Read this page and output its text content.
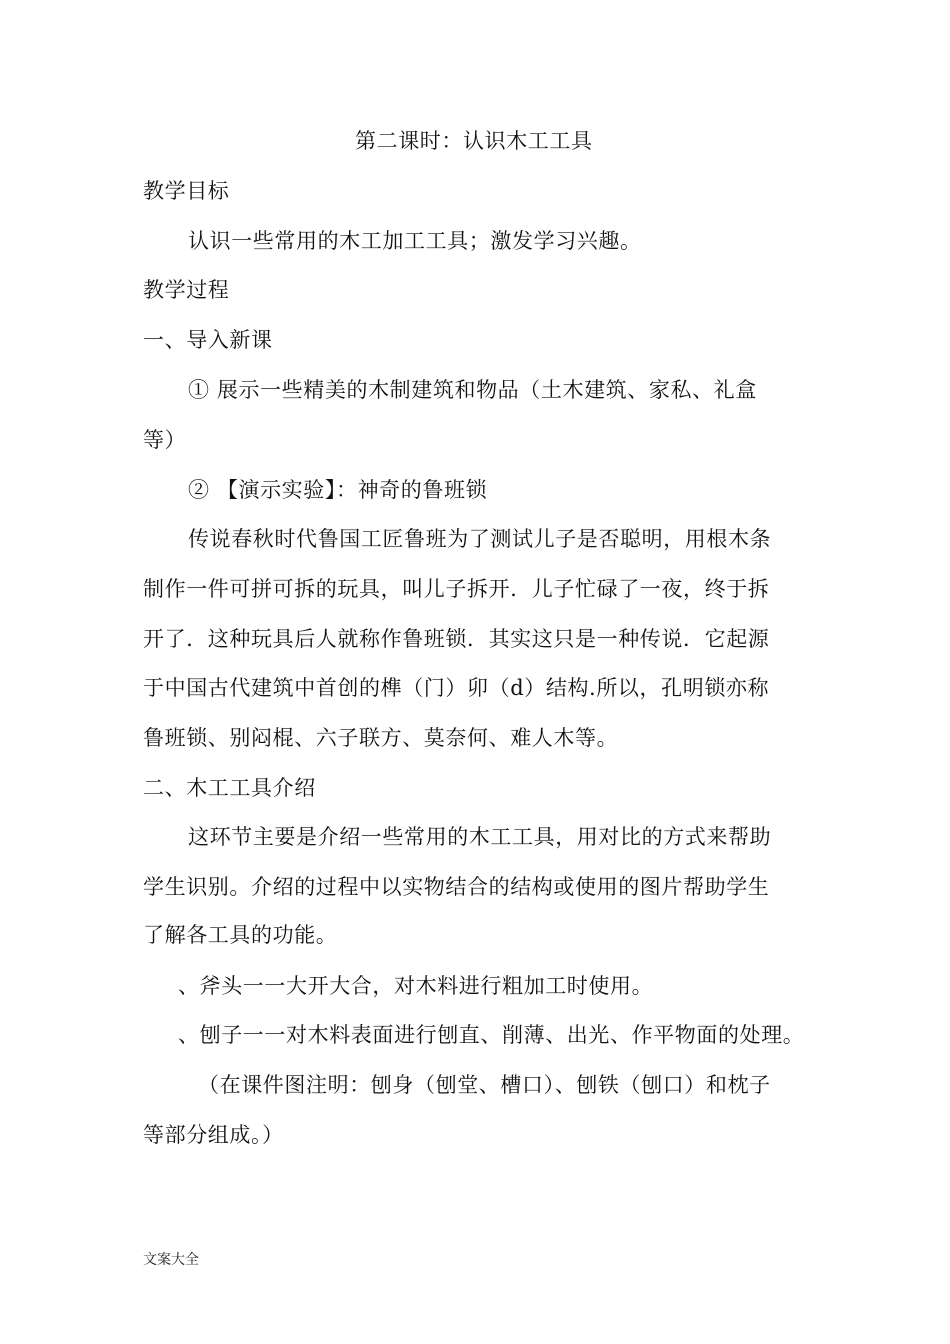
第二课时：认识木工工具
教学目标
认识一些常用的木工加工工具；激发学习兴趣。
教学过程
一、导入新课
① 展示一些精美的木制建筑和物品（土木建筑、家私、礼盒
等）
② 【演示实验】：神奇的鲁班锁
传说春秋时代鲁国工匠鲁班为了测试儿子是否聪明，用根木条
制作一件可拼可拆的玩具，叫儿子拆开．儿子忙碌了一夜，终于拆
开了．这种玩具后人就称作鲁班锁．其实这只是一种传说．它起源
于中国古代建筑中首创的榫（门）卯（d）结构.所以，孔明锁亦称
鲁班锁、别闷棍、六子联方、莫奈何、难人木等。
二、木工工具介绍
这环节主要是介绍一些常用的木工工具，用对比的方式来帮助
学生识别。介绍的过程中以实物结合的结构或使用的图片帮助学生
了解各工具的功能。
、斧头一一大开大合，对木料进行粗加工时使用。
、刨子一一对木料表面进行刨直、削薄、出光、作平物面的处理。
（在课件图注明：刨身（刨堂、槽口）、刨铁（刨口）和枕子
等部分组成。）
文案大全
